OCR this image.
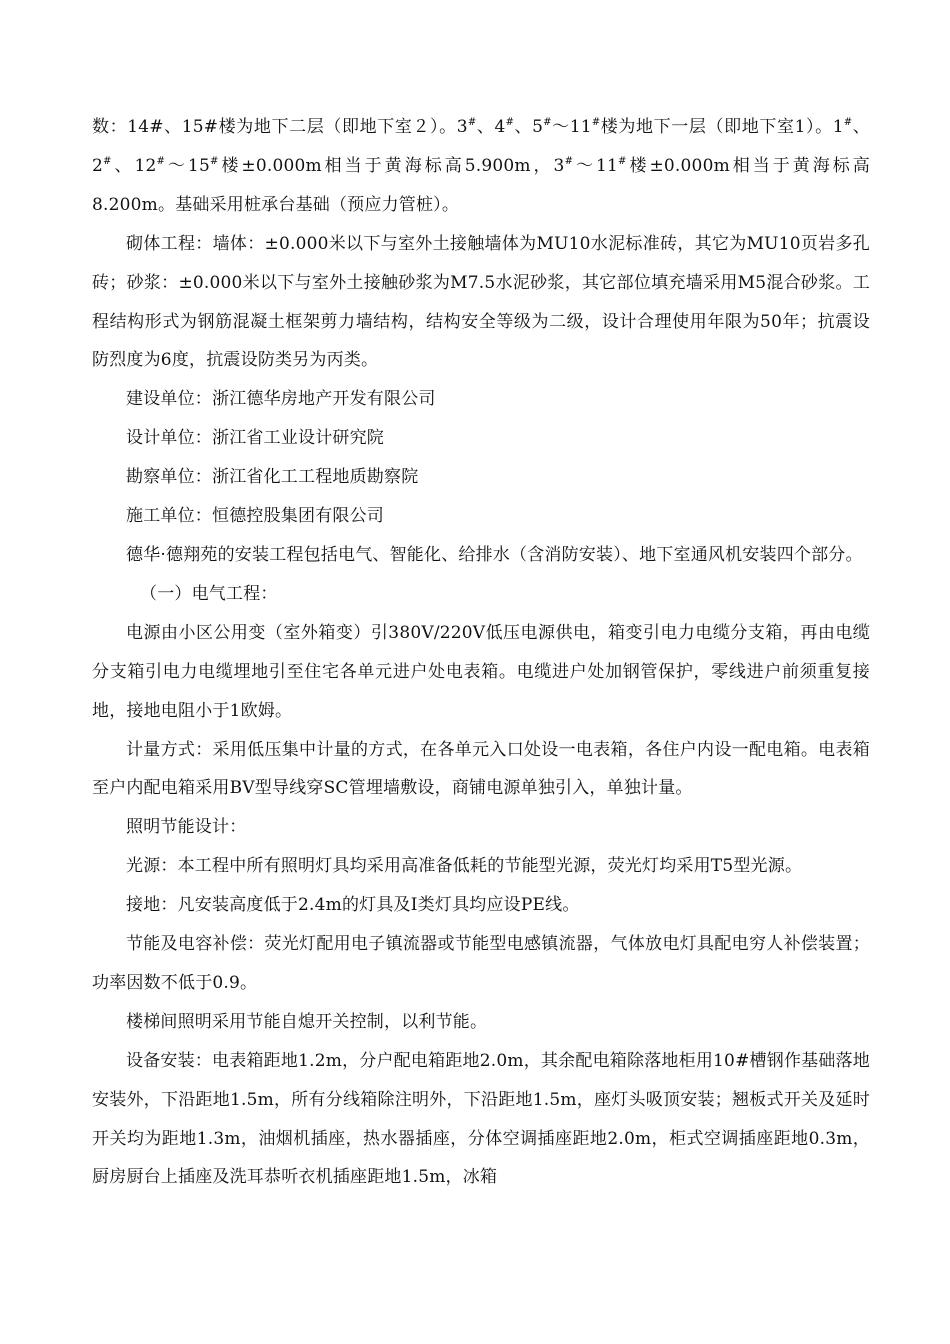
数：14#、15#楼为地下二层（即地下室２）。3#、4#、5#～11#楼为地下一层（即地下室1）。1#、2#、12#～15#楼±0.000m相当于黄海标高5.900m，3#～11#楼±0.000m相当于黄海标高8.200m。基础采用桩承台基础（预应力管桩）。

砌体工程：墙体：±0.000米以下与室外土接触墙体为MU10水泥标准砖，其它为MU10页岩多孔砖；砂浆：±0.000米以下与室外土接触砂浆为M7.5水泥砂浆，其它部位填充墙采用M5混合砂浆。工程结构形式为钢筋混凝土框架剪力墙结构，结构安全等级为二级，设计合理使用年限为50年；抗震设防烈度为6度，抗震设防类另为丙类。

建设单位：浙江德华房地产开发有限公司

设计单位：浙江省工业设计研究院

勘察单位：浙江省化工工程地质勘察院

施工单位：恒德控股集团有限公司

德华·德翔苑的安装工程包括电气、智能化、给排水（含消防安装）、地下室通风机安装四个部分。

（一）电气工程：

电源由小区公用变（室外箱变）引380V/220V低压电源供电，箱变引电力电缆分支箱，再由电缆分支箱引电力电缆埋地引至住宅各单元进户处电表箱。电缆进户处加钢管保护，零线进户前须重复接地，接地电阻小于1欧姆。

计量方式：采用低压集中计量的方式，在各单元入口处设一电表箱，各住户内设一配电箱。电表箱至户内配电箱采用BV型导线穿SC管埋墙敷设，商铺电源单独引入，单独计量。

照明节能设计：

光源：本工程中所有照明灯具均采用高准备低耗的节能型光源，荧光灯均采用T5型光源。

接地：凡安装高度低于2.4m的灯具及I类灯具均应设PE线。

节能及电容补偿：荧光灯配用电子镇流器或节能型电感镇流器，气体放电灯具配电穷人补偿装置；功率因数不低于0.9。

楼梯间照明采用节能自熄开关控制，以利节能。

设备安装：电表箱距地1.2m，分户配电箱距地2.0m，其余配电箱除落地柜用10#槽钢作基础落地安装外，下沿距地1.5m，所有分线箱除注明外，下沿距地1.5m，座灯头吸顶安装；翘板式开关及延时开关均为距地1.3m，油烟机插座，热水器插座，分体空调插座距地2.0m，柜式空调插座距地0.3m，厨房厨台上插座及洗耳恭听衣机插座距地1.5m，冰箱
